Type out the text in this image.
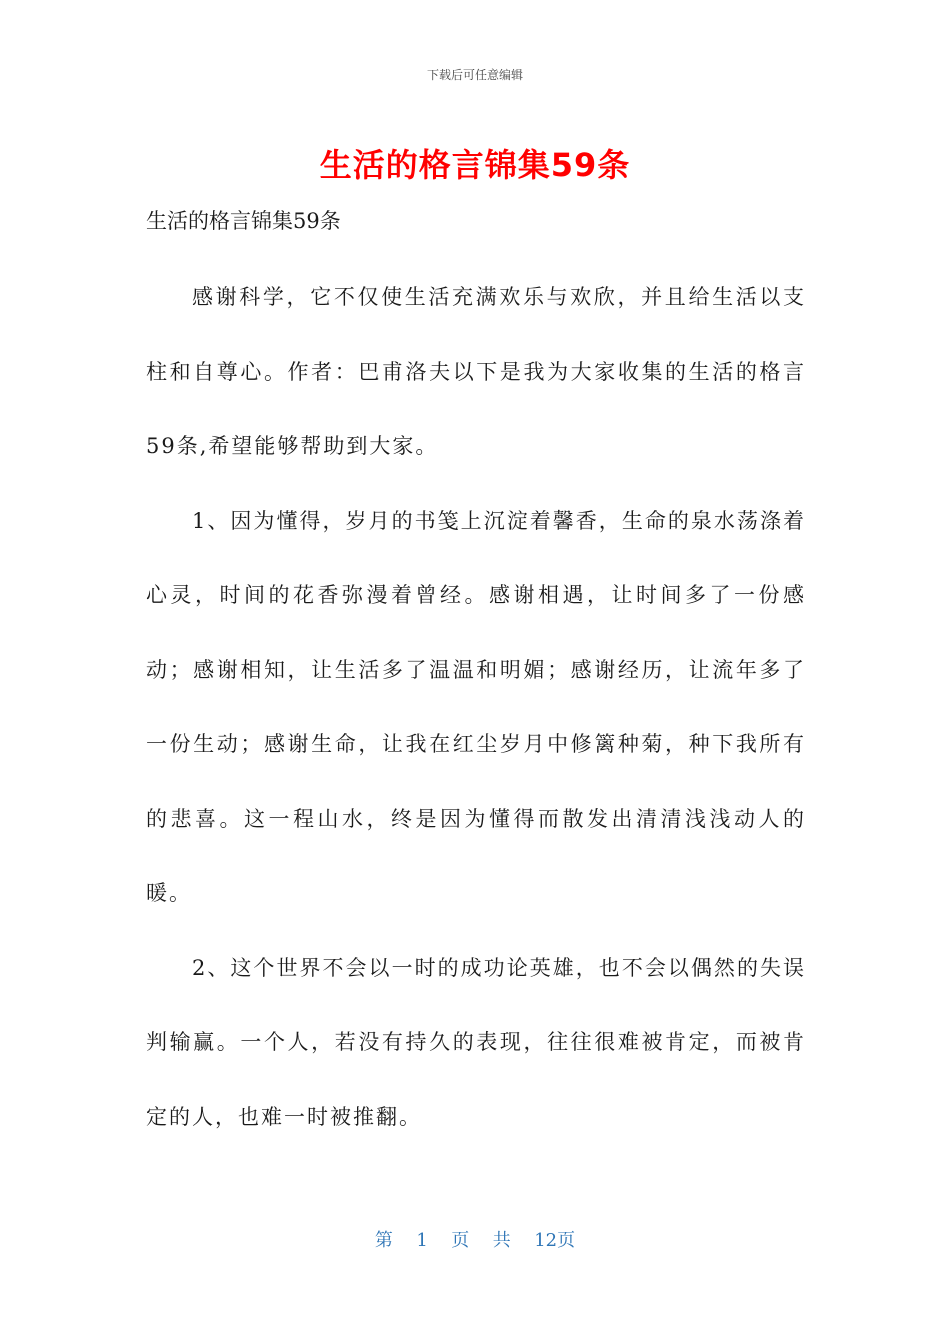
下载后可任意编辑
生活的格言锦集59条
生活的格言锦集59条

感谢科学，它不仅使生活充满欢乐与欢欣，并且给生活以支柱和自尊心。作者：巴甫洛夫以下是我为大家收集的生活的格言59条,希望能够帮助到大家。

1、因为懂得，岁月的书笺上沉淀着馨香，生命的泉水荡涤着心灵，时间的花香弥漫着曾经。感谢相遇，让时间多了一份感动；感谢相知，让生活多了温温和明媚；感谢经历，让流年多了一份生动；感谢生命，让我在红尘岁月中修篱种菊，种下我所有的悲喜。这一程山水，终是因为懂得而散发出清清浅浅动人的暖。

2、这个世界不会以一时的成功论英雄，也不会以偶然的失误判输赢。一个人，若没有持久的表现，往往很难被肯定，而被肯定的人，也难一时被推翻。

第 1 页 共 12页
